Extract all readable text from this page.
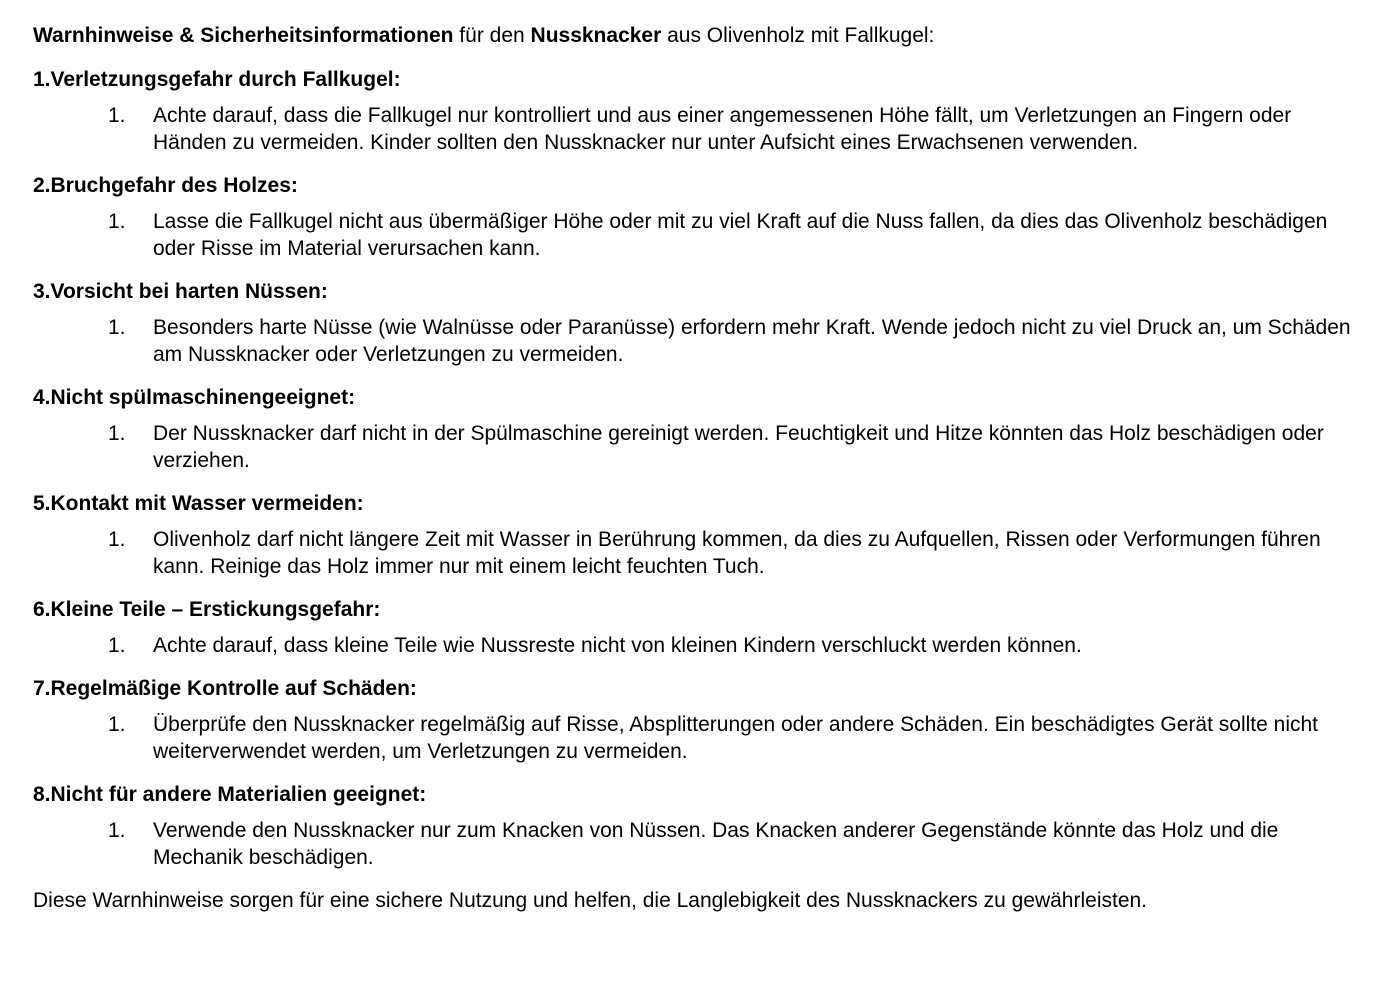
Warnhinweise & Sicherheitsinformationen für den Nussknacker aus Olivenholz mit Fallkugel:

1.Verletzungsgefahr durch Fallkugel:
1.	Achte darauf, dass die Fallkugel nur kontrolliert und aus einer angemessenen Höhe fällt, um Verletzungen an Fingern oder Händen zu vermeiden. Kinder sollten den Nussknacker nur unter Aufsicht eines Erwachsenen verwenden.
2.Bruchgefahr des Holzes:
1.	Lasse die Fallkugel nicht aus übermäßiger Höhe oder mit zu viel Kraft auf die Nuss fallen, da dies das Olivenholz beschädigen oder Risse im Material verursachen kann.
3.Vorsicht bei harten Nüssen:
1.	Besonders harte Nüsse (wie Walnüsse oder Paranüsse) erfordern mehr Kraft. Wende jedoch nicht zu viel Druck an, um Schäden am Nussknacker oder Verletzungen zu vermeiden.
4.Nicht spülmaschinengeeignet:
1.	Der Nussknacker darf nicht in der Spülmaschine gereinigt werden. Feuchtigkeit und Hitze könnten das Holz beschädigen oder verziehen.
5.Kontakt mit Wasser vermeiden:
1.	Olivenholz darf nicht längere Zeit mit Wasser in Berührung kommen, da dies zu Aufquellen, Rissen oder Verformungen führen kann. Reinige das Holz immer nur mit einem leicht feuchten Tuch.
6.Kleine Teile – Erstickungsgefahr:
1.	Achte darauf, dass kleine Teile wie Nussreste nicht von kleinen Kindern verschluckt werden können.
7.Regelmäßige Kontrolle auf Schäden:
1.	Überprüfe den Nussknacker regelmäßig auf Risse, Absplitterungen oder andere Schäden. Ein beschädigtes Gerät sollte nicht weiterverwendet werden, um Verletzungen zu vermeiden.
8.Nicht für andere Materialien geeignet:
1.	Verwende den Nussknacker nur zum Knacken von Nüssen. Das Knacken anderer Gegenstände könnte das Holz und die Mechanik beschädigen.

Diese Warnhinweise sorgen für eine sichere Nutzung und helfen, die Langlebigkeit des Nussknackers zu gewährleisten.
